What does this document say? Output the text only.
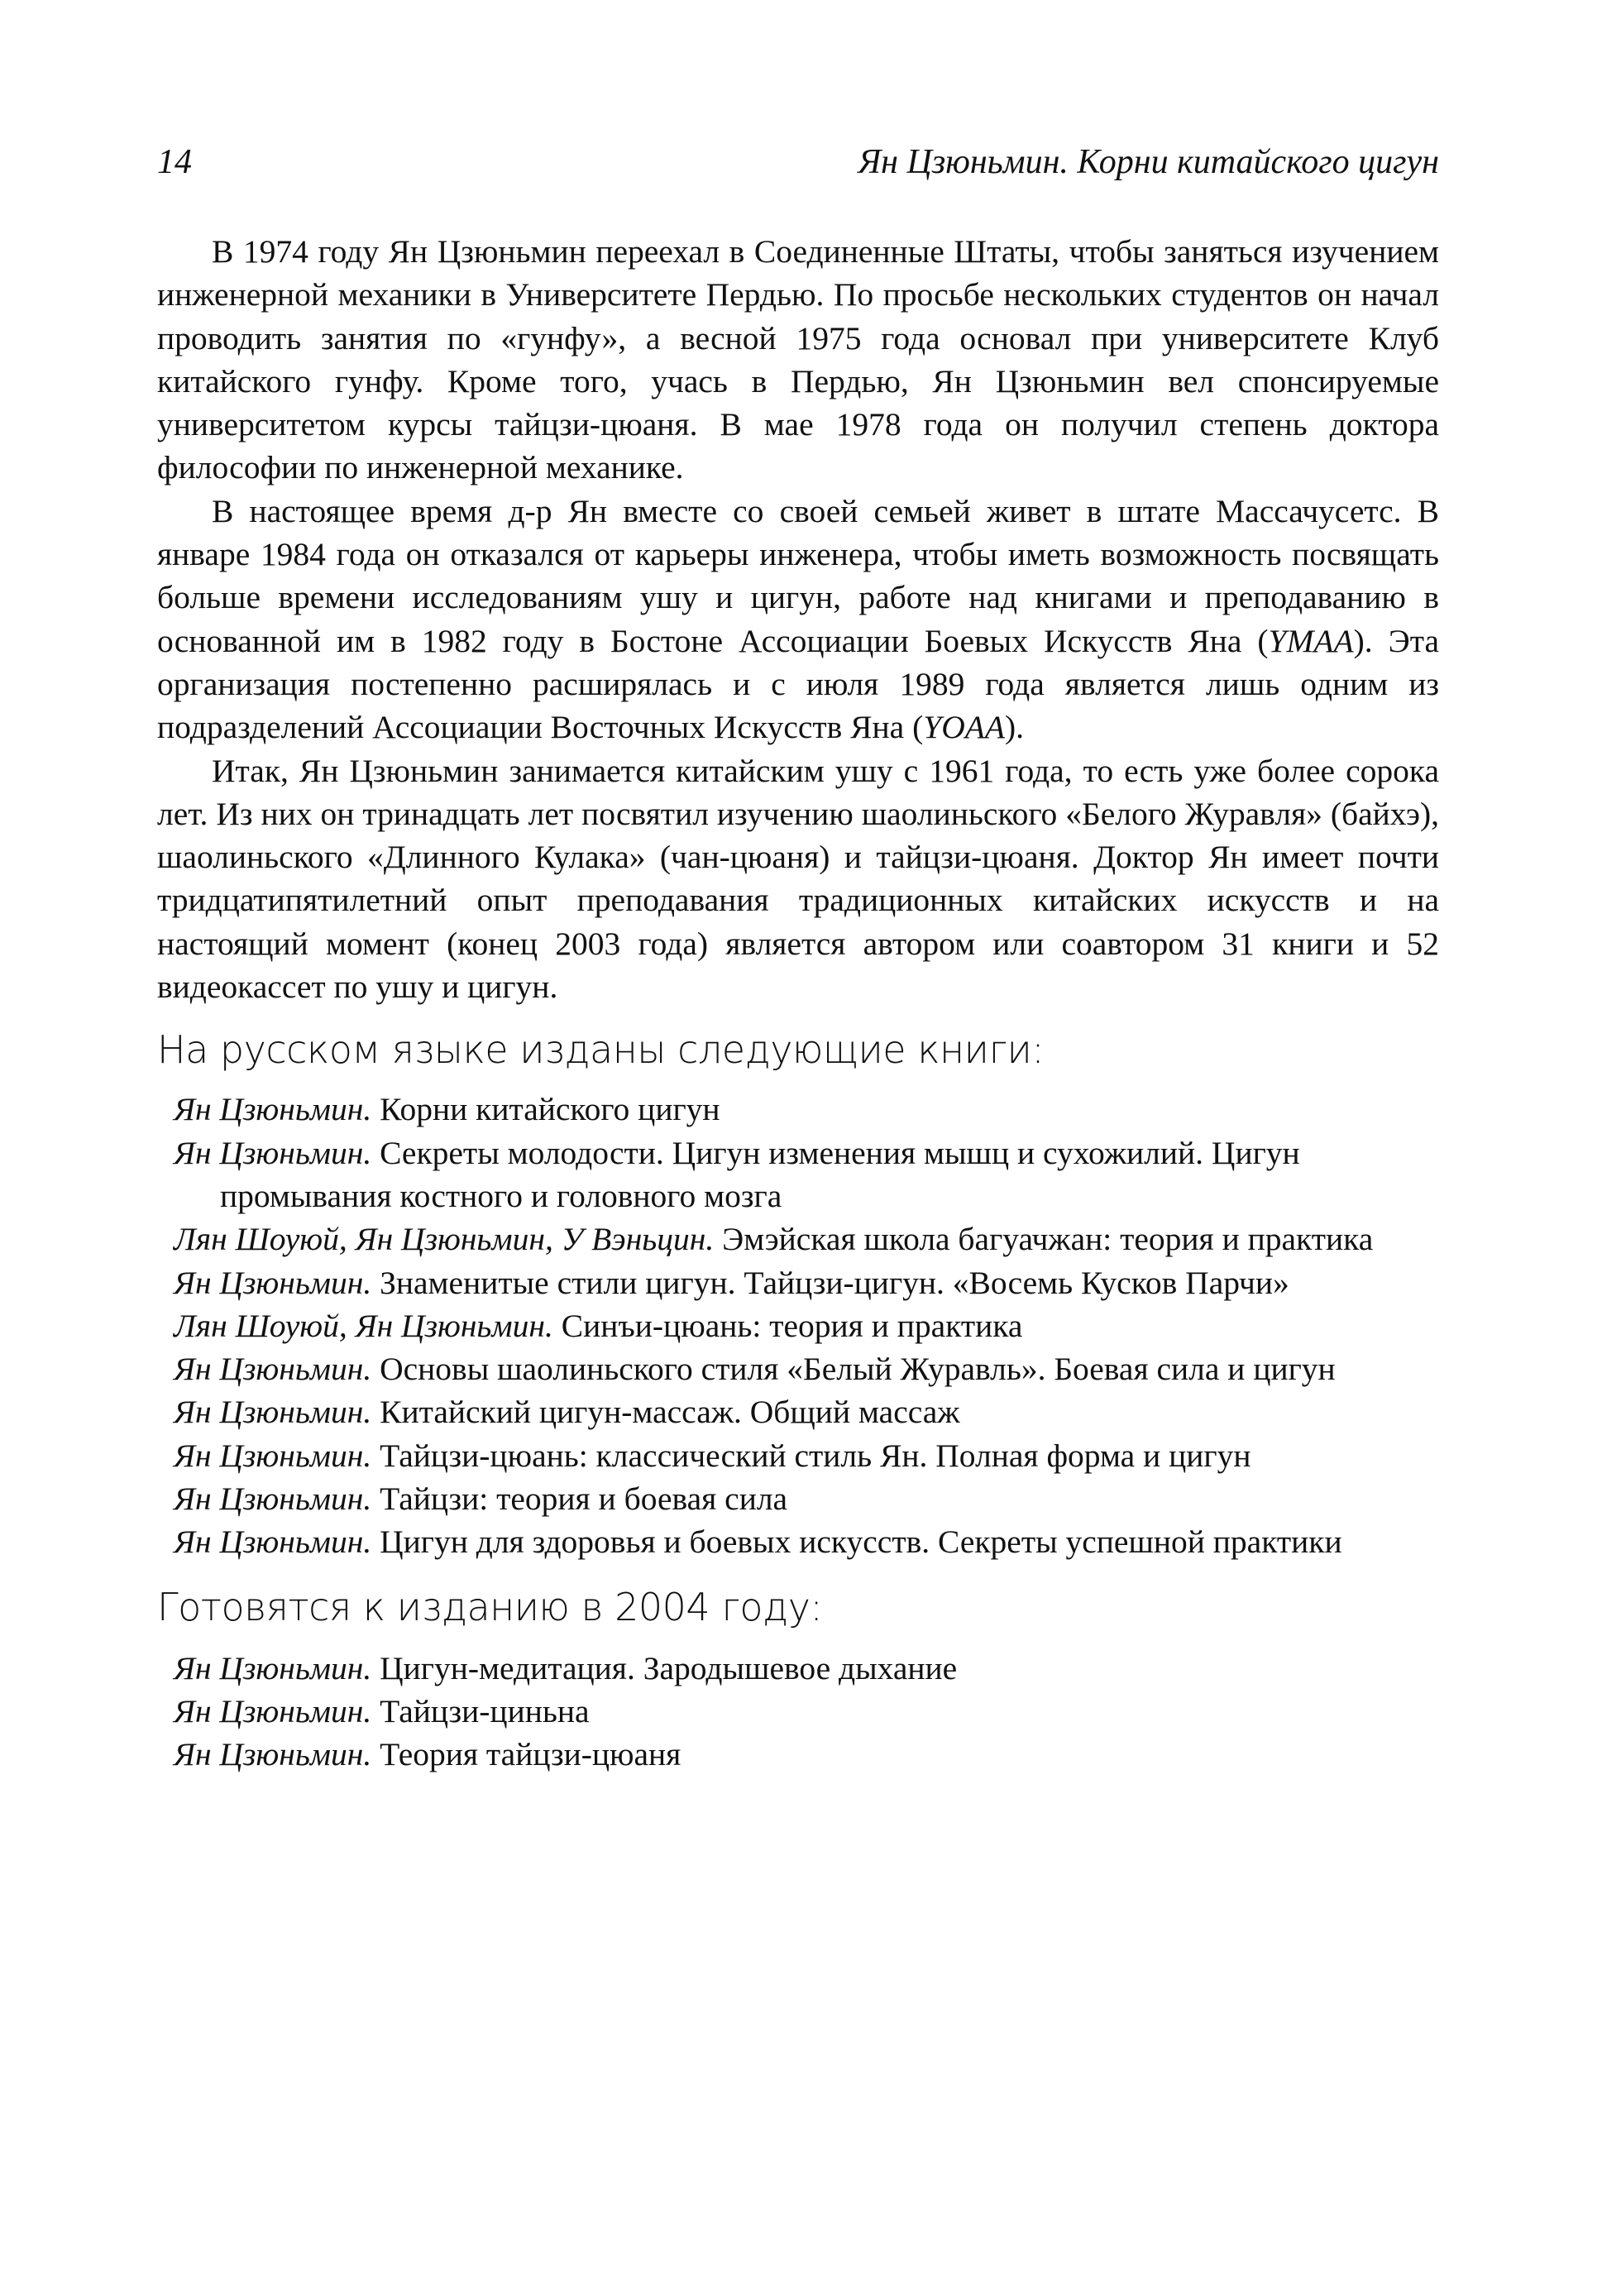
14	Ян Цзюньмин. Корни китайского цигун

В 1974 году Ян Цзюньмин переехал в Соединенные Штаты, чтобы заняться изучением инженерной механики в Университете Пердью. По просьбе нескольких студентов он начал проводить занятия по «гунфу», а весной 1975 года основал при университете Клуб китайского гунфу. Кроме того, учась в Пердью, Ян Цзюньмин вел спонсируемые университетом курсы тайцзи-цюаня. В мае 1978 года он получил степень доктора философии по инженерной механике.

В настоящее время д-р Ян вместе со своей семьей живет в штате Массачусетс. В январе 1984 года он отказался от карьеры инженера, чтобы иметь возможность посвящать больше времени исследованиям ушу и цигун, работе над книгами и преподаванию в основанной им в 1982 году в Бостоне Ассоциации Боевых Искусств Яна (YMAA). Эта организация постепенно расширялась и с июля 1989 года является лишь одним из подразделений Ассоциации Восточных Искусств Яна (YOAA).

Итак, Ян Цзюньмин занимается китайским ушу с 1961 года, то есть уже более сорока лет. Из них он тринадцать лет посвятил изучению шаолиньского «Белого Журавля» (байхэ), шаолиньского «Длинного Кулака» (чан-цюаня) и тайцзи-цюаня. Доктор Ян имеет почти тридцатипятилетний опыт преподавания традиционных китайских искусств и на настоящий момент (конец 2003 года) является автором или соавтором 31 книги и 52 видеокассет по ушу и цигун.

На русском языке изданы следующие книги:
Ян Цзюньмин. Корни китайского цигун
Ян Цзюньмин. Секреты молодости. Цигун изменения мышц и сухожилий. Цигун промывания костного и головного мозга
Лян Шоуюй, Ян Цзюньмин, У Вэньцин. Эмэйская школа багуачжан: теория и практика
Ян Цзюньмин. Знаменитые стили цигун. Тайцзи-цигун. «Восемь Кусков Парчи»
Лян Шоуюй, Ян Цзюньмин. Синъи-цюань: теория и практика
Ян Цзюньмин. Основы шаолиньского стиля «Белый Журавль». Боевая сила и цигун
Ян Цзюньмин. Китайский цигун-массаж. Общий массаж
Ян Цзюньмин. Тайцзи-цюань: классический стиль Ян. Полная форма и цигун
Ян Цзюньмин. Тайцзи: теория и боевая сила
Ян Цзюньмин. Цигун для здоровья и боевых искусств. Секреты успешной практики
Готовятся к изданию в 2004 году:
Ян Цзюньмин. Цигун-медитация. Зародышевое дыхание
Ян Цзюньмин. Тайцзи-циньна
Ян Цзюньмин. Теория тайцзи-цюаня
